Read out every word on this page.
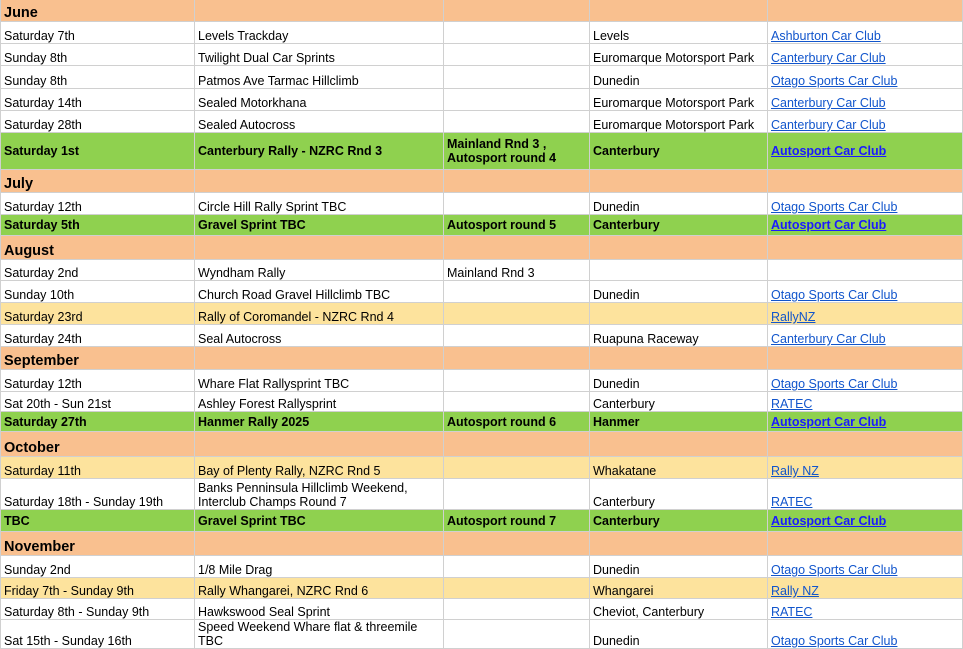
June				
Saturday 7th	Levels Trackday		Levels	Ashburton Car Club
Sunday 8th	Twilight Dual Car Sprints		Euromarque Motorsport Park	Canterbury Car Club
Sunday 8th	Patmos Ave Tarmac Hillclimb		Dunedin	Otago Sports Car Club
Saturday 14th	Sealed Motorkhana		Euromarque Motorsport Park	Canterbury Car Club
Saturday 28th	Sealed Autocross		Euromarque Motorsport Park	Canterbury Car Club
Saturday 1st	Canterbury Rally - NZRC Rnd 3	Mainland Rnd 3 , Autosport round 4	Canterbury	Autosport Car Club
July				
Saturday 12th	Circle Hill Rally Sprint TBC		Dunedin	Otago Sports Car Club
Saturday 5th	Gravel Sprint TBC	Autosport round 5	Canterbury	Autosport Car Club
August				
Saturday 2nd	Wyndham Rally	Mainland Rnd 3		
Sunday 10th	Church Road Gravel Hillclimb TBC		Dunedin	Otago Sports Car Club
Saturday 23rd	Rally of Coromandel - NZRC Rnd 4			RallyNZ
Saturday 24th	Seal Autocross		Ruapuna Raceway	Canterbury Car Club
September				
Saturday 12th	Whare Flat Rallysprint TBC		Dunedin	Otago Sports Car Club
Sat 20th - Sun 21st	Ashley Forest Rallysprint		Canterbury	RATEC
Saturday 27th	Hanmer Rally 2025	Autosport round 6	Hanmer	Autosport Car Club
October				
Saturday 11th	Bay of Plenty Rally, NZRC Rnd 5		Whakatane	Rally NZ
Saturday 18th - Sunday 19th	Banks Penninsula Hillclimb Weekend, Interclub Champs Round 7		Canterbury	RATEC
TBC	Gravel Sprint TBC	Autosport round 7	Canterbury	Autosport Car Club
November				
Sunday 2nd	1/8 Mile Drag		Dunedin	Otago Sports Car Club
Friday 7th - Sunday 9th	Rally Whangarei, NZRC Rnd 6		Whangarei	Rally NZ
Saturday 8th - Sunday 9th	Hawkswood Seal Sprint		Cheviot, Canterbury	RATEC
Sat 15th - Sunday 16th	Speed Weekend Whare flat & threemile TBC		Dunedin	Otago Sports Car Club
